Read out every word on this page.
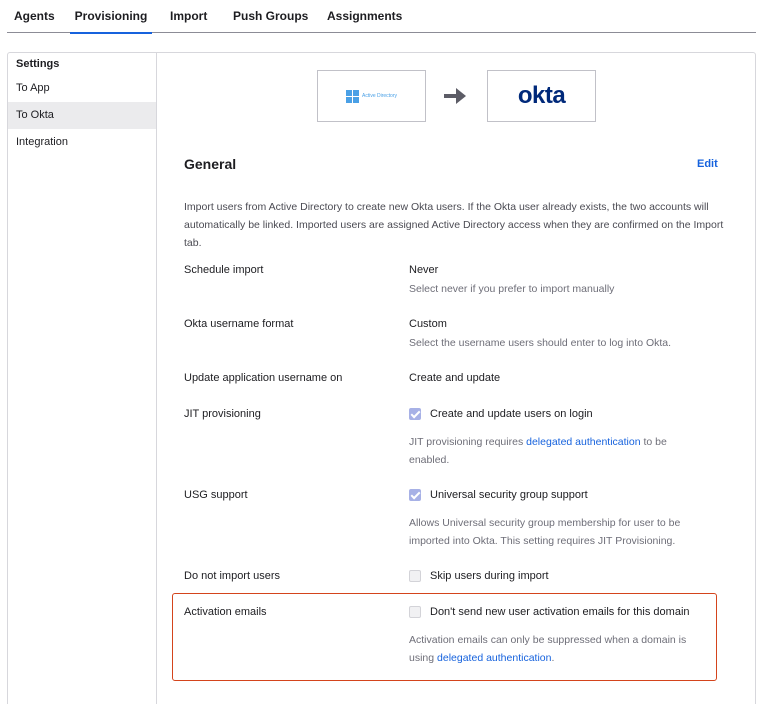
Agents	Provisioning	Import Push Groups Assignments
Settings
To App
To Okta
Integration
Active Directory	okta
General	Edit
Import users from Active Directory to create new Okta users. If the Okta user already exists, the two accounts will automatically be linked. Imported users are assigned Active Directory access when they are confirmed on the Import tab.
Schedule import	Never
Select never if you prefer to import manually
Okta username format	Custom
Select the username users should enter to log into Okta.
Update application username on	Create and update
JIT provisioning	Create and update users on login
JIT provisioning requires delegated authentication to be enabled.
USG support	Universal security group support
Allows Universal security group membership for user to be imported into Okta. This setting requires JIT Provisioning.
Do not import users	Skip users during import
Activation emails	Don't send new user activation emails for this domain
Activation emails can only be suppressed when a domain is using delegated authentication.
